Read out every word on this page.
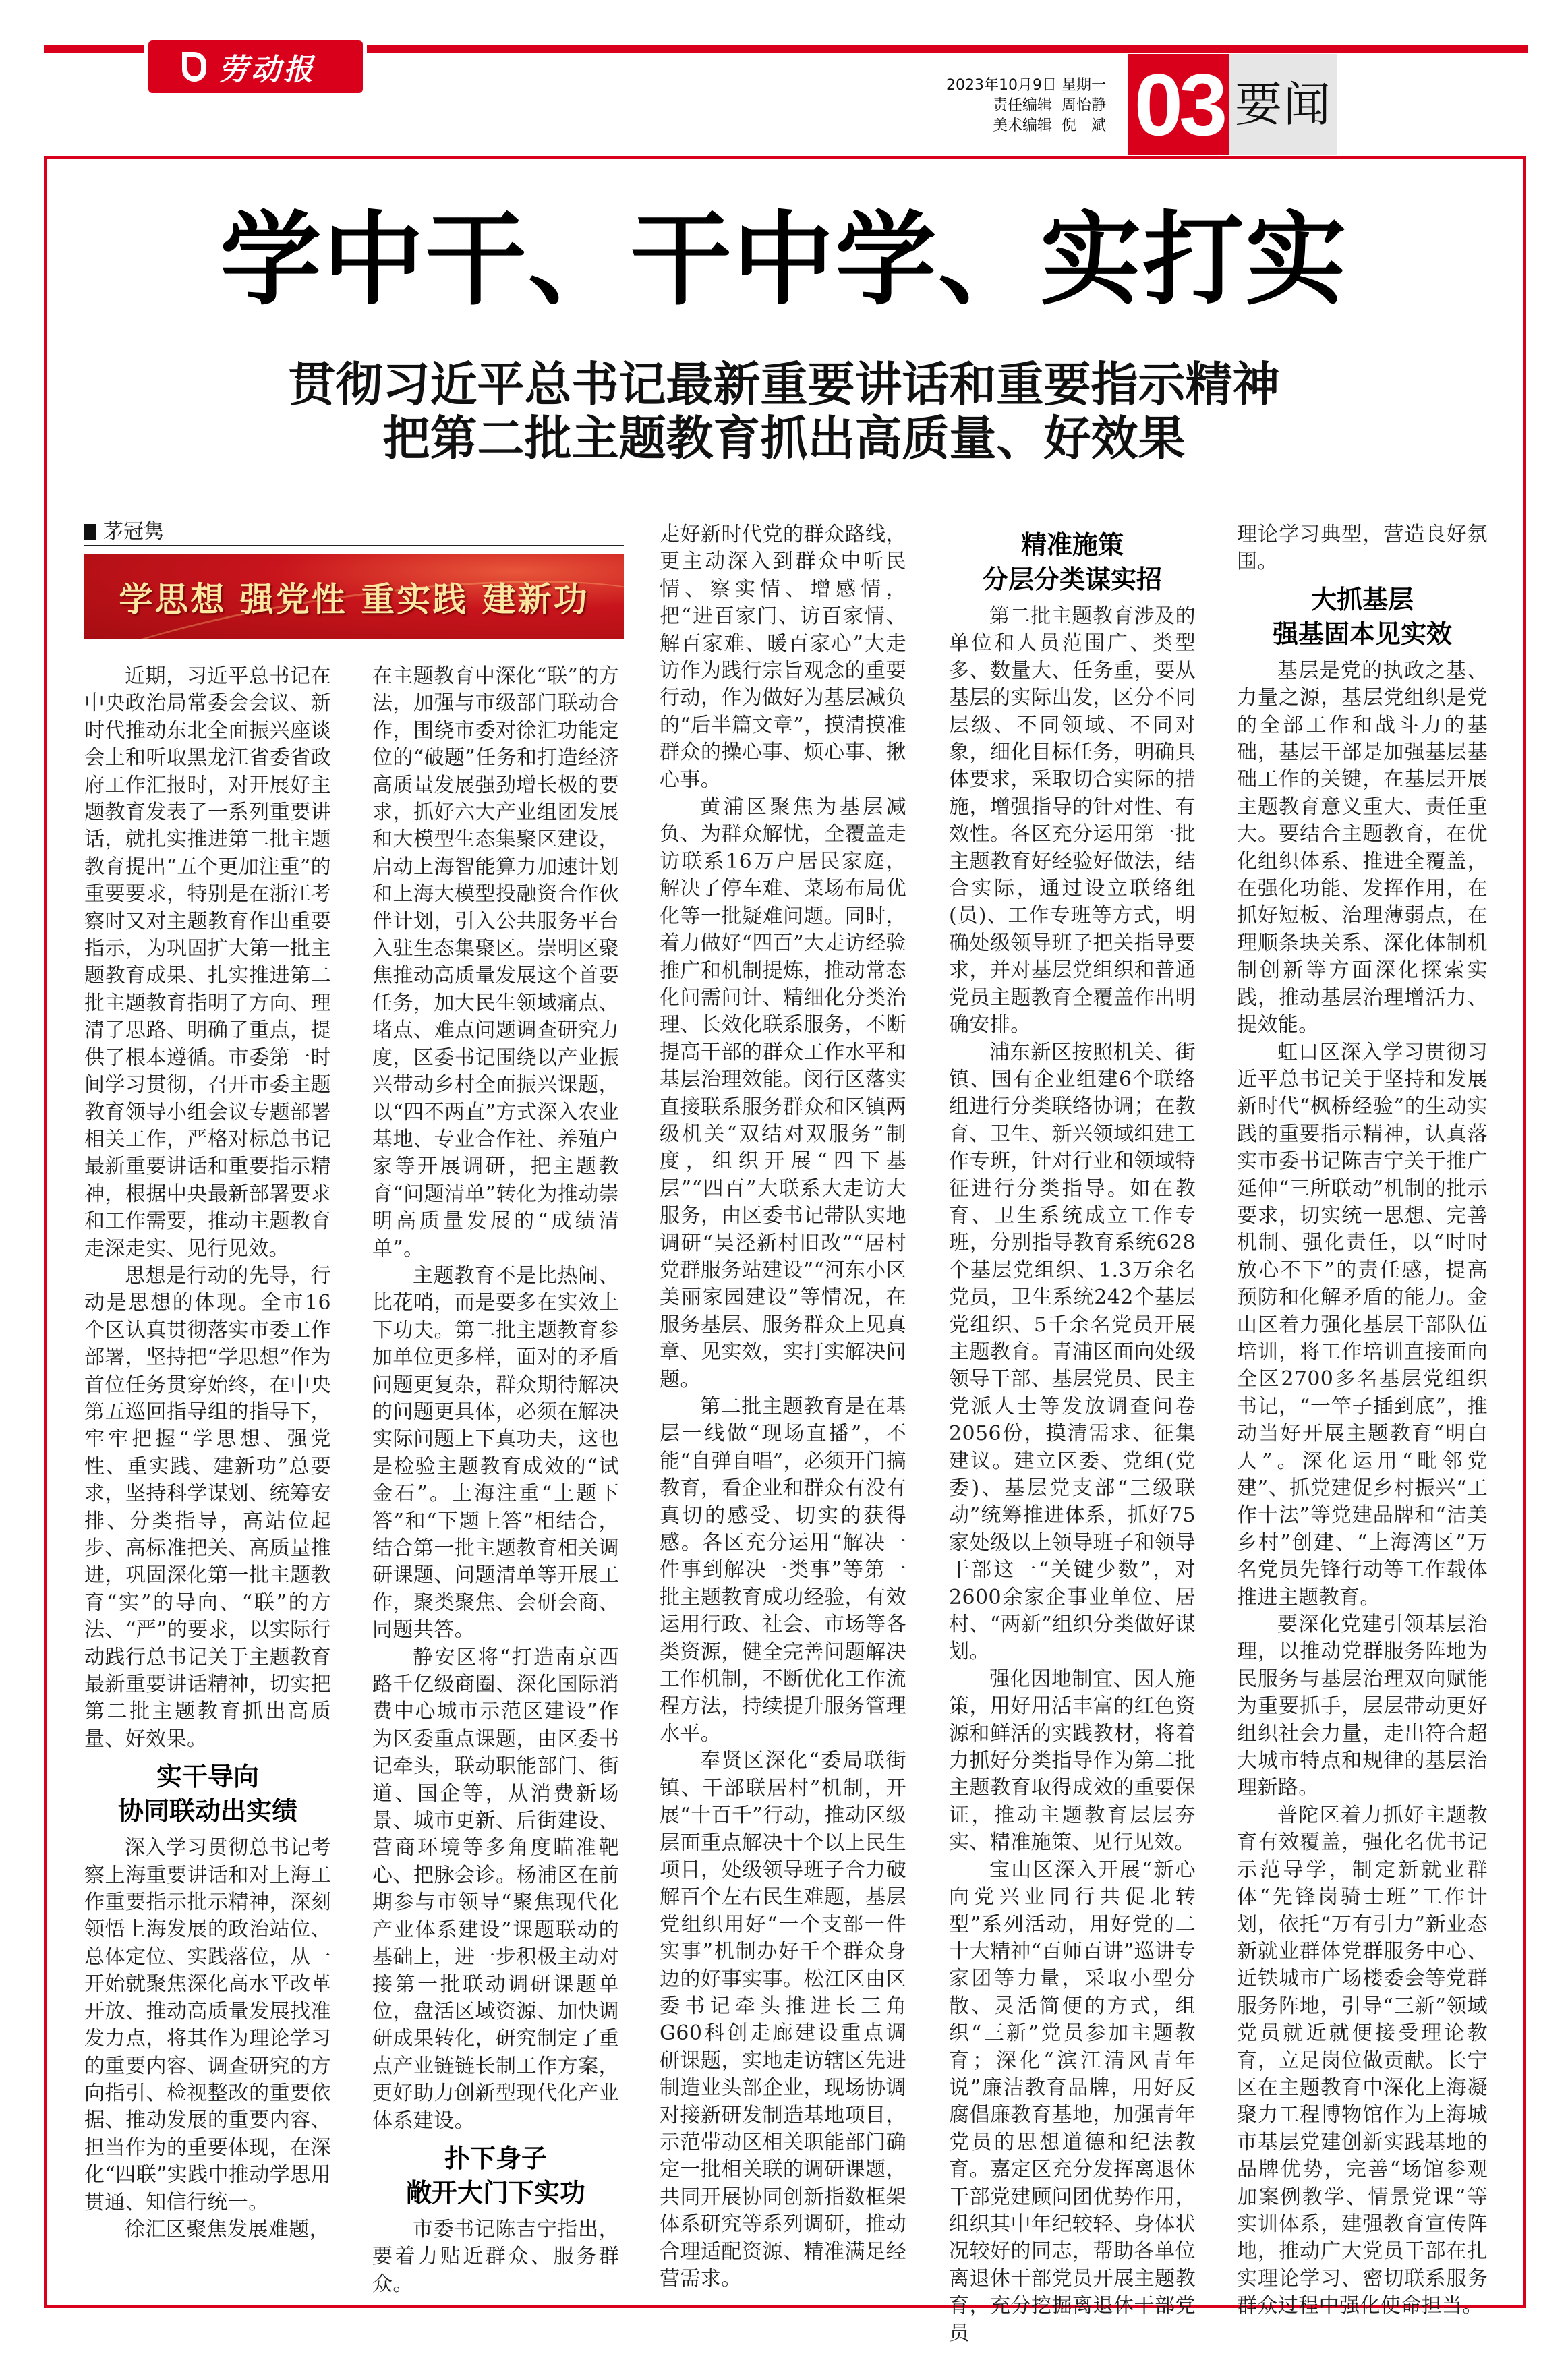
劳动报	2023年10月9日 星期一
责任编辑 周怡静
美术编辑 倪　斌 03 要闻
学中干、干中学、实打实
贯彻习近平总书记最新重要讲话和重要指示精神
把第二批主题教育抓出高质量、好效果
茅冠隽
学思想 强党性 重实践 建新功

近期，习近平总书记在中央政治局常委会会议、新时代推动东北全面振兴座谈会上和听取黑龙江省委省政府工作汇报时，对开展好主题教育发表了一系列重要讲话，就扎实推进第二批主题教育提出“五个更加注重”的重要要求，特别是在浙江考察时又对主题教育作出重要指示，为巩固扩大第一批主题教育成果、扎实推进第二批主题教育指明了方向、理清了思路、明确了重点，提供了根本遵循。市委第一时间学习贯彻，召开市委主题教育领导小组会议专题部署相关工作，严格对标总书记最新重要讲话和重要指示精神，根据中央最新部署要求和工作需要，推动主题教育走深走实、见行见效。

思想是行动的先导，行动是思想的体现。全市16个区认真贯彻落实市委工作部署，坚持把“学思想”作为首位任务贯穿始终，在中央第五巡回指导组的指导下，牢牢把握“学思想、强党性、重实践、建新功”总要求，坚持科学谋划、统筹安排、分类指导，高站位起步、高标准把关、高质量推进，巩固深化第一批主题教育“实”的导向、“联”的方法、“严”的要求，以实际行动践行总书记关于主题教育最新重要讲话精神，切实把第二批主题教育抓出高质量、好效果。

实干导向
协同联动出实绩

深入学习贯彻总书记考察上海重要讲话和对上海工作重要指示批示精神，深刻领悟上海发展的政治站位、总体定位、实践落位，从一开始就聚焦深化高水平改革开放、推动高质量发展找准发力点，将其作为理论学习的重要内容、调查研究的方向指引、检视整改的重要依据、推动发展的重要内容、担当作为的重要体现，在深化“四联”实践中推动学思用贯通、知信行统一。

徐汇区聚焦发展难题，

在主题教育中深化“联”的方法，加强与市级部门联动合作，围绕市委对徐汇功能定位的“破题”任务和打造经济高质量发展强劲增长极的要求，抓好六大产业组团发展和大模型生态集聚区建设，启动上海智能算力加速计划和上海大模型投融资合作伙伴计划，引入公共服务平台入驻生态集聚区。崇明区聚焦推动高质量发展这个首要任务，加大民生领域痛点、堵点、难点问题调查研究力度，区委书记围绕以产业振兴带动乡村全面振兴课题，以“四不两直”方式深入农业基地、专业合作社、养殖户家等开展调研，把主题教育“问题清单”转化为推动崇明高质量发展的“成绩清单”。

主题教育不是比热闹、比花哨，而是要多在实效上下功夫。第二批主题教育参加单位更多样，面对的矛盾问题更复杂，群众期待解决的问题更具体，必须在解决实际问题上下真功夫，这也是检验主题教育成效的“试金石”。上海注重“上题下答”和“下题上答”相结合，结合第一批主题教育相关调研课题、问题清单等开展工作，聚类聚焦、会研会商、同题共答。

静安区将“打造南京西路千亿级商圈、深化国际消费中心城市示范区建设”作为区委重点课题，由区委书记牵头，联动职能部门、街道、国企等，从消费新场景、城市更新、后街建设、营商环境等多角度瞄准靶心、把脉会诊。杨浦区在前期参与市领导“聚焦现代化产业体系建设”课题联动的基础上，进一步积极主动对接第一批联动调研课题单位，盘活区域资源、加快调研成果转化，研究制定了重点产业链链长制工作方案，更好助力创新型现代化产业体系建设。

扑下身子
敞开大门下实功

市委书记陈吉宁指出，要着力贴近群众、服务群众。

走好新时代党的群众路线，更主动深入到群众中听民情、察实情、增感情，把“进百家门、访百家情、解百家难、暖百家心”大走访作为践行宗旨观念的重要行动，作为做好为基层减负的“后半篇文章”，摸清摸准群众的操心事、烦心事、揪心事。

黄浦区聚焦为基层减负、为群众解忧，全覆盖走访联系16万户居民家庭，解决了停车难、菜场布局优化等一批疑难问题。同时，着力做好“四百”大走访经验推广和机制提炼，推动常态化问需问计、精细化分类治理、长效化联系服务，不断提高干部的群众工作水平和基层治理效能。闵行区落实直接联系服务群众和区镇两级机关“双结对双服务”制度，组织开展“四下基层”“四百”大联系大走访大服务，由区委书记带队实地调研“吴泾新村旧改”“居村党群服务站建设”“河东小区美丽家园建设”等情况，在服务基层、服务群众上见真章、见实效，实打实解决问题。

第二批主题教育是在基层一线做“现场直播”，不能“自弹自唱”，必须开门搞教育，看企业和群众有没有真切的感受、切实的获得感。各区充分运用“解决一件事到解决一类事”等第一批主题教育成功经验，有效运用行政、社会、市场等各类资源，健全完善问题解决工作机制，不断优化工作流程方法，持续提升服务管理水平。

奉贤区深化“委局联街镇、干部联居村”机制，开展“十百千”行动，推动区级层面重点解决十个以上民生项目，处级领导班子合力破解百个左右民生难题，基层党组织用好“一个支部一件实事”机制办好千个群众身边的好事实事。松江区由区委书记牵头推进长三角G60科创走廊建设重点调研课题，实地走访辖区先进制造业头部企业，现场协调对接新研发制造基地项目，示范带动区相关职能部门确定一批相关联的调研课题，共同开展协同创新指数框架体系研究等系列调研，推动合理适配资源、精准满足经营需求。

精准施策
分层分类谋实招

第二批主题教育涉及的单位和人员范围广、类型多、数量大、任务重，要从基层的实际出发，区分不同层级、不同领域、不同对象，细化目标任务，明确具体要求，采取切合实际的措施，增强指导的针对性、有效性。各区充分运用第一批主题教育好经验好做法，结合实际，通过设立联络组(员)、工作专班等方式，明确处级领导班子把关指导要求，并对基层党组织和普通党员主题教育全覆盖作出明确安排。

浦东新区按照机关、街镇、国有企业组建6个联络组进行分类联络协调；在教育、卫生、新兴领域组建工作专班，针对行业和领域特征进行分类指导。如在教育、卫生系统成立工作专班，分别指导教育系统628个基层党组织、1.3万余名党员，卫生系统242个基层党组织、5千余名党员开展主题教育。青浦区面向处级领导干部、基层党员、民主党派人士等发放调查问卷2056份，摸清需求、征集建议。建立区委、党组(党委)、基层党支部“三级联动”统筹推进体系，抓好75家处级以上领导班子和领导干部这一“关键少数”，对2600余家企事业单位、居村、“两新”组织分类做好谋划。

强化因地制宜、因人施策，用好用活丰富的红色资源和鲜活的实践教材，将着力抓好分类指导作为第二批主题教育取得成效的重要保证，推动主题教育层层夯实、精准施策、见行见效。

宝山区深入开展“新心向党兴业同行共促北转型”系列活动，用好党的二十大精神“百师百讲”巡讲专家团等力量，采取小型分散、灵活简便的方式，组织“三新”党员参加主题教育；深化“滨江清风青年说”廉洁教育品牌，用好反腐倡廉教育基地，加强青年党员的思想道德和纪法教育。嘉定区充分发挥离退休干部党建顾问团优势作用，组织其中年纪较轻、身体状况较好的同志，帮助各单位离退休干部党员开展主题教育，充分挖掘离退休干部党员

理论学习典型，营造良好氛围。

大抓基层
强基固本见实效

基层是党的执政之基、力量之源，基层党组织是党的全部工作和战斗力的基础，基层干部是加强基层基础工作的关键，在基层开展主题教育意义重大、责任重大。要结合主题教育，在优化组织体系、推进全覆盖，在强化功能、发挥作用，在抓好短板、治理薄弱点，在理顺条块关系、深化体制机制创新等方面深化探索实践，推动基层治理增活力、提效能。

虹口区深入学习贯彻习近平总书记关于坚持和发展新时代“枫桥经验”的生动实践的重要指示精神，认真落实市委书记陈吉宁关于推广延伸“三所联动”机制的批示要求，切实统一思想、完善机制、强化责任，以“时时放心不下”的责任感，提高预防和化解矛盾的能力。金山区着力强化基层干部队伍培训，将工作培训直接面向全区2700多名基层党组织书记，“一竿子插到底”，推动当好开展主题教育“明白人”。深化运用“毗邻党建”、抓党建促乡村振兴“工作十法”等党建品牌和“洁美乡村”创建、“上海湾区”万名党员先锋行动等工作载体推进主题教育。

要深化党建引领基层治理，以推动党群服务阵地为民服务与基层治理双向赋能为重要抓手，层层带动更好组织社会力量，走出符合超大城市特点和规律的基层治理新路。

普陀区着力抓好主题教育有效覆盖，强化名优书记示范导学，制定新就业群体“先锋岗骑士班”工作计划，依托“万有引力”新业态新就业群体党群服务中心、近铁城市广场楼委会等党群服务阵地，引导“三新”领域党员就近就便接受理论教育，立足岗位做贡献。长宁区在主题教育中深化上海凝聚力工程博物馆作为上海城市基层党建创新实践基地的品牌优势，完善“场馆参观加案例教学、情景党课”等实训体系，建强教育宣传阵地，推动广大党员干部在扎实理论学习、密切联系服务群众过程中强化使命担当。
